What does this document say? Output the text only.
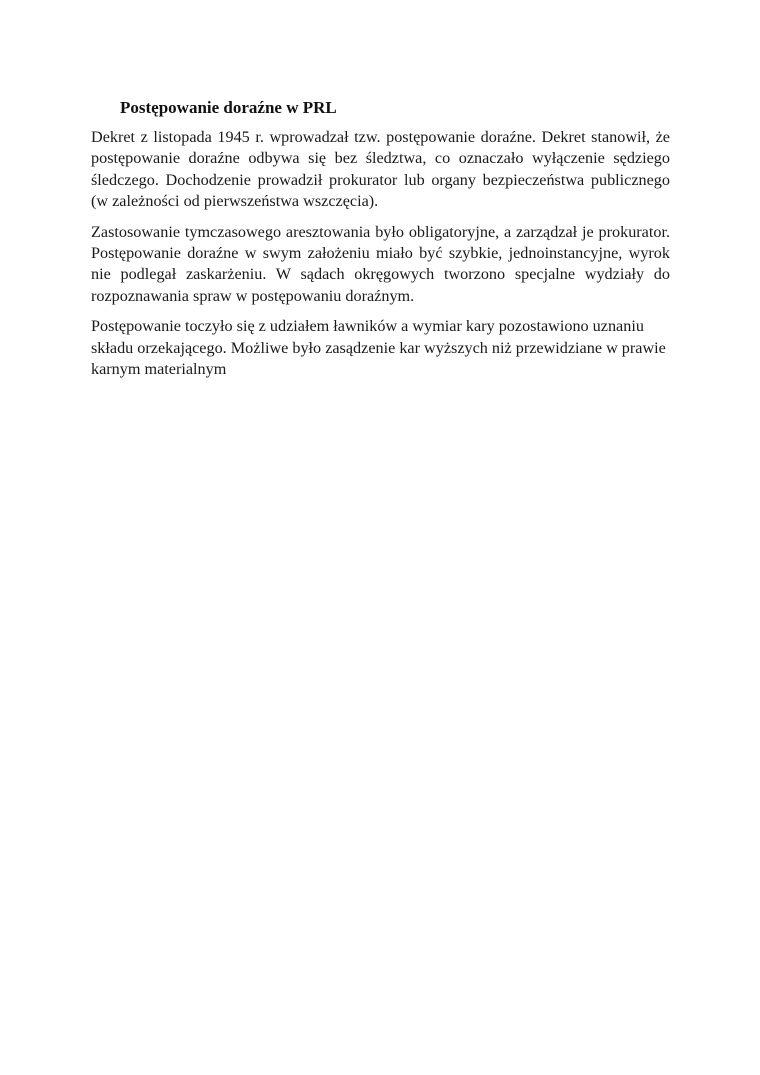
Postępowanie doraźne w PRL

Dekret z listopada 1945 r. wprowadzał tzw. postępowanie doraźne. Dekret stanowił, że postępowanie doraźne odbywa się bez śledztwa, co oznaczało wyłączenie sędziego śledczego. Dochodzenie prowadził prokurator lub organy bezpieczeństwa publicznego (w zależności od pierwszeństwa wszczęcia).

Zastosowanie tymczasowego aresztowania było obligatoryjne, a zarządzał je prokurator. Postępowanie doraźne w swym założeniu miało być szybkie, jednoinstancyjne, wyrok nie podlegał zaskarżeniu. W sądach okręgowych tworzono specjalne wydziały do rozpoznawania spraw w postępowaniu doraźnym.

Postępowanie toczyło się z udziałem ławników a wymiar kary pozostawiono uznaniu składu orzekającego. Możliwe było zasądzenie kar wyższych niż przewidziane w prawie karnym materialnym
